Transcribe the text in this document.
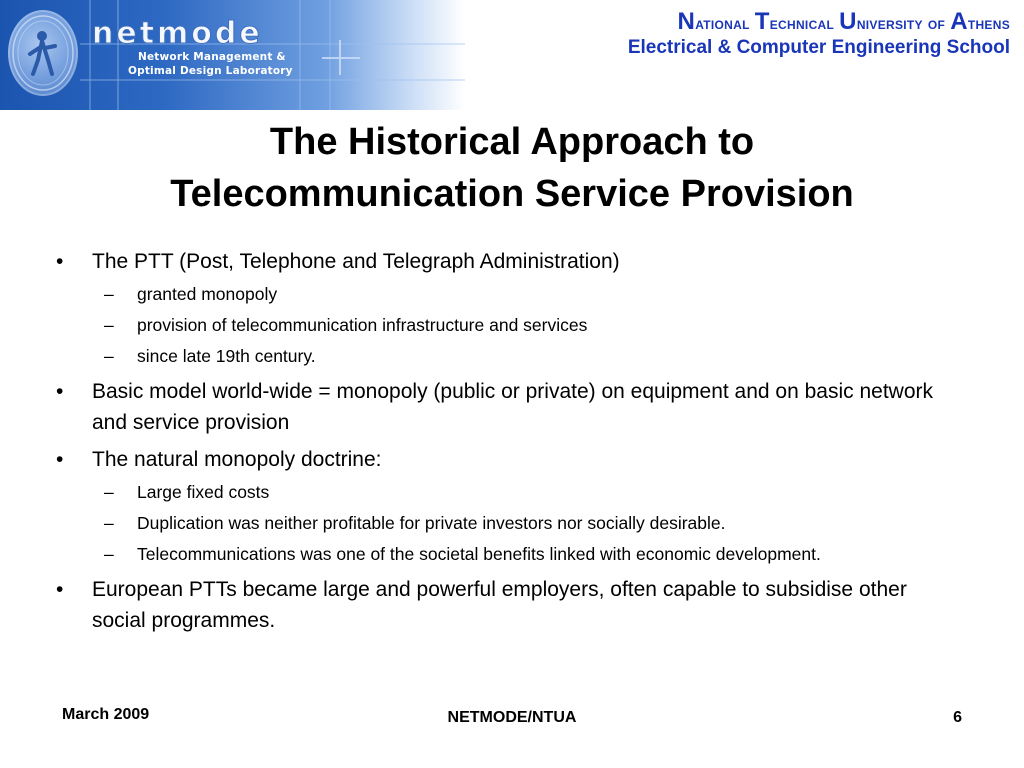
netmode
Network Management &
Optimal Design Laboratory
National Technical University of Athens
Electrical & Computer Engineering School
The Historical Approach to
Telecommunication Service Provision
• The PTT (Post, Telephone and Telegraph Administration)
– granted monopoly
– provision of telecommunication infrastructure and services
– since late 19th century.
• Basic model world-wide = monopoly (public or private) on equipment and on basic network and service provision
• The natural monopoly doctrine:
– Large fixed costs
– Duplication was neither profitable for private investors nor socially desirable.
– Telecommunications was one of the societal benefits linked with economic development.
• European PTTs became large and powerful employers, often capable to subsidise other social programmes.
March 2009	NETMODE/NTUA	6
